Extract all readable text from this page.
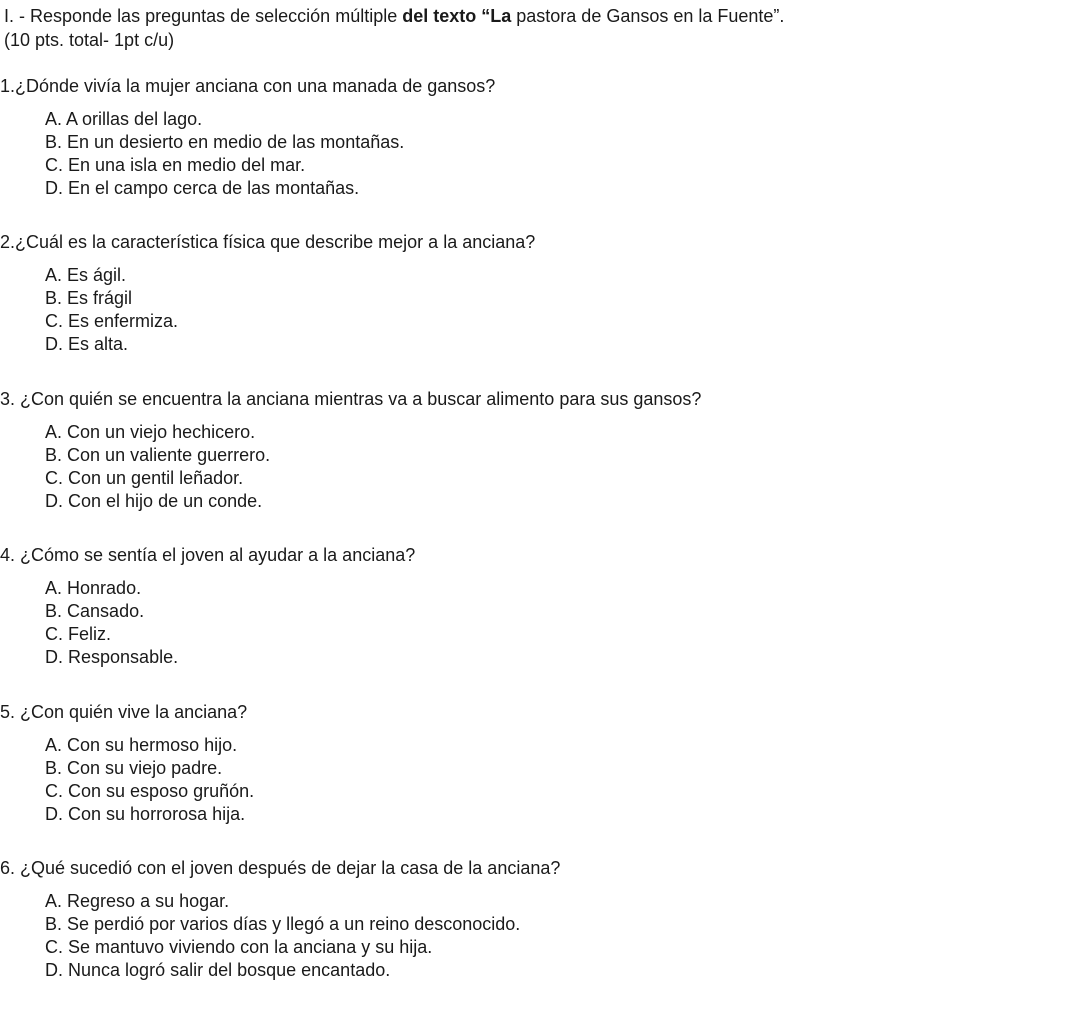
I. - Responde las preguntas de selección múltiple del texto “La pastora de Gansos en la Fuente”.
(10 pts. total- 1pt c/u)
1.¿Dónde vivía la mujer anciana con una manada de gansos?
A. A orillas del lago.
B. En un desierto en medio de las montañas.
C. En una isla en medio del mar.
D. En el campo cerca de las montañas.
2.¿Cuál es la característica física que describe mejor a la anciana?
A. Es ágil.
B. Es frágil
C. Es enfermiza.
D. Es alta.
3. ¿Con quién se encuentra la anciana mientras va a buscar alimento para sus gansos?
A. Con un viejo hechicero.
B. Con un valiente guerrero.
C. Con un gentil leñador.
D. Con el hijo de un conde.
4. ¿Cómo se sentía el joven al ayudar a la anciana?
A. Honrado.
B. Cansado.
C. Feliz.
D. Responsable.
5. ¿Con quién vive la anciana?
A. Con su hermoso hijo.
B. Con su viejo padre.
C. Con su esposo gruñón.
D. Con su horrorosa hija.
6. ¿Qué sucedió con el joven después de dejar la casa de la anciana?
A. Regreso a su hogar.
B. Se perdió por varios días y llegó a un reino desconocido.
C. Se mantuvo viviendo con la anciana y su hija.
D. Nunca logró salir del bosque encantado.
